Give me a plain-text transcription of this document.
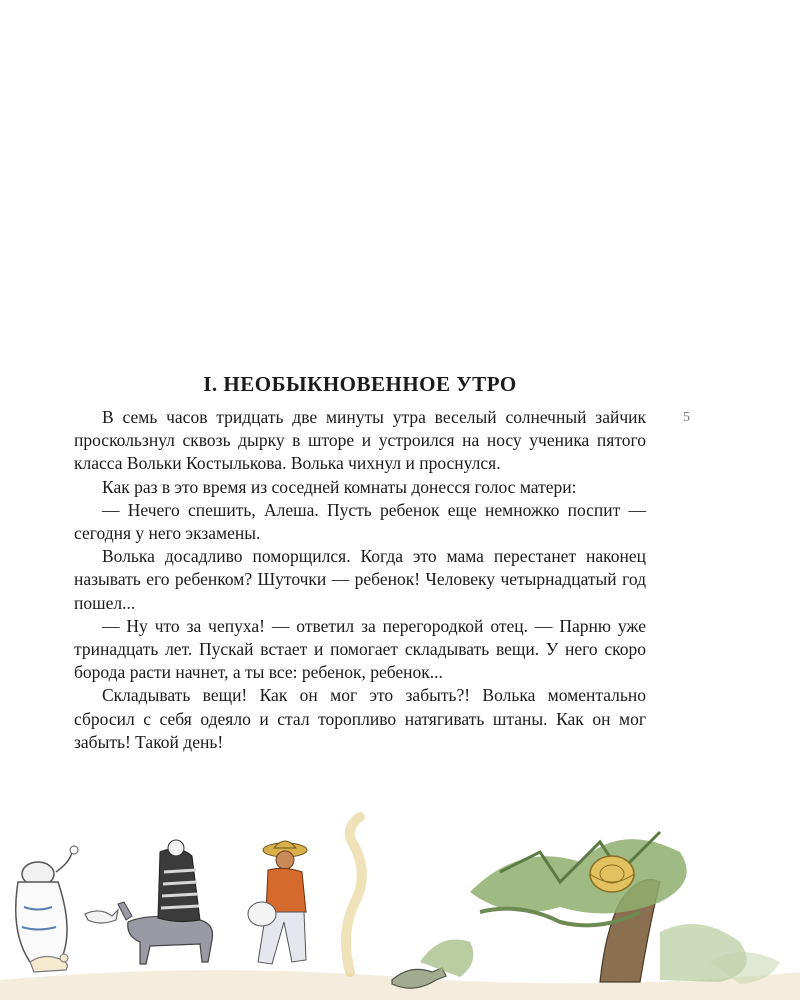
I. НЕОБЫКНОВЕННОЕ УТРО
5

В семь часов тридцать две минуты утра веселый солнечный зайчик проскользнул сквозь дырку в шторе и устроился на носу ученика пятого класса Вольки Костылькова. Волька чихнул и проснулся.

Как раз в это время из соседней комнаты донесся голос матери:

— Нечего спешить, Алеша. Пусть ребенок еще немножко поспит — сегодня у него экзамены.

Волька досадливо поморщился. Когда это мама перестанет наконец называть его ребенком? Шуточки — ребенок! Человеку четырнадцатый год пошел...

— Ну что за чепуха! — ответил за перегородкой отец. — Парню уже тринадцать лет. Пускай встает и помогает складывать вещи. У него скоро борода расти начнет, а ты все: ребенок, ребенок...

Складывать вещи! Как он мог это забыть?! Волька моментально сбросил с себя одеяло и стал торопливо натягивать штаны. Как он мог забыть! Такой день!
